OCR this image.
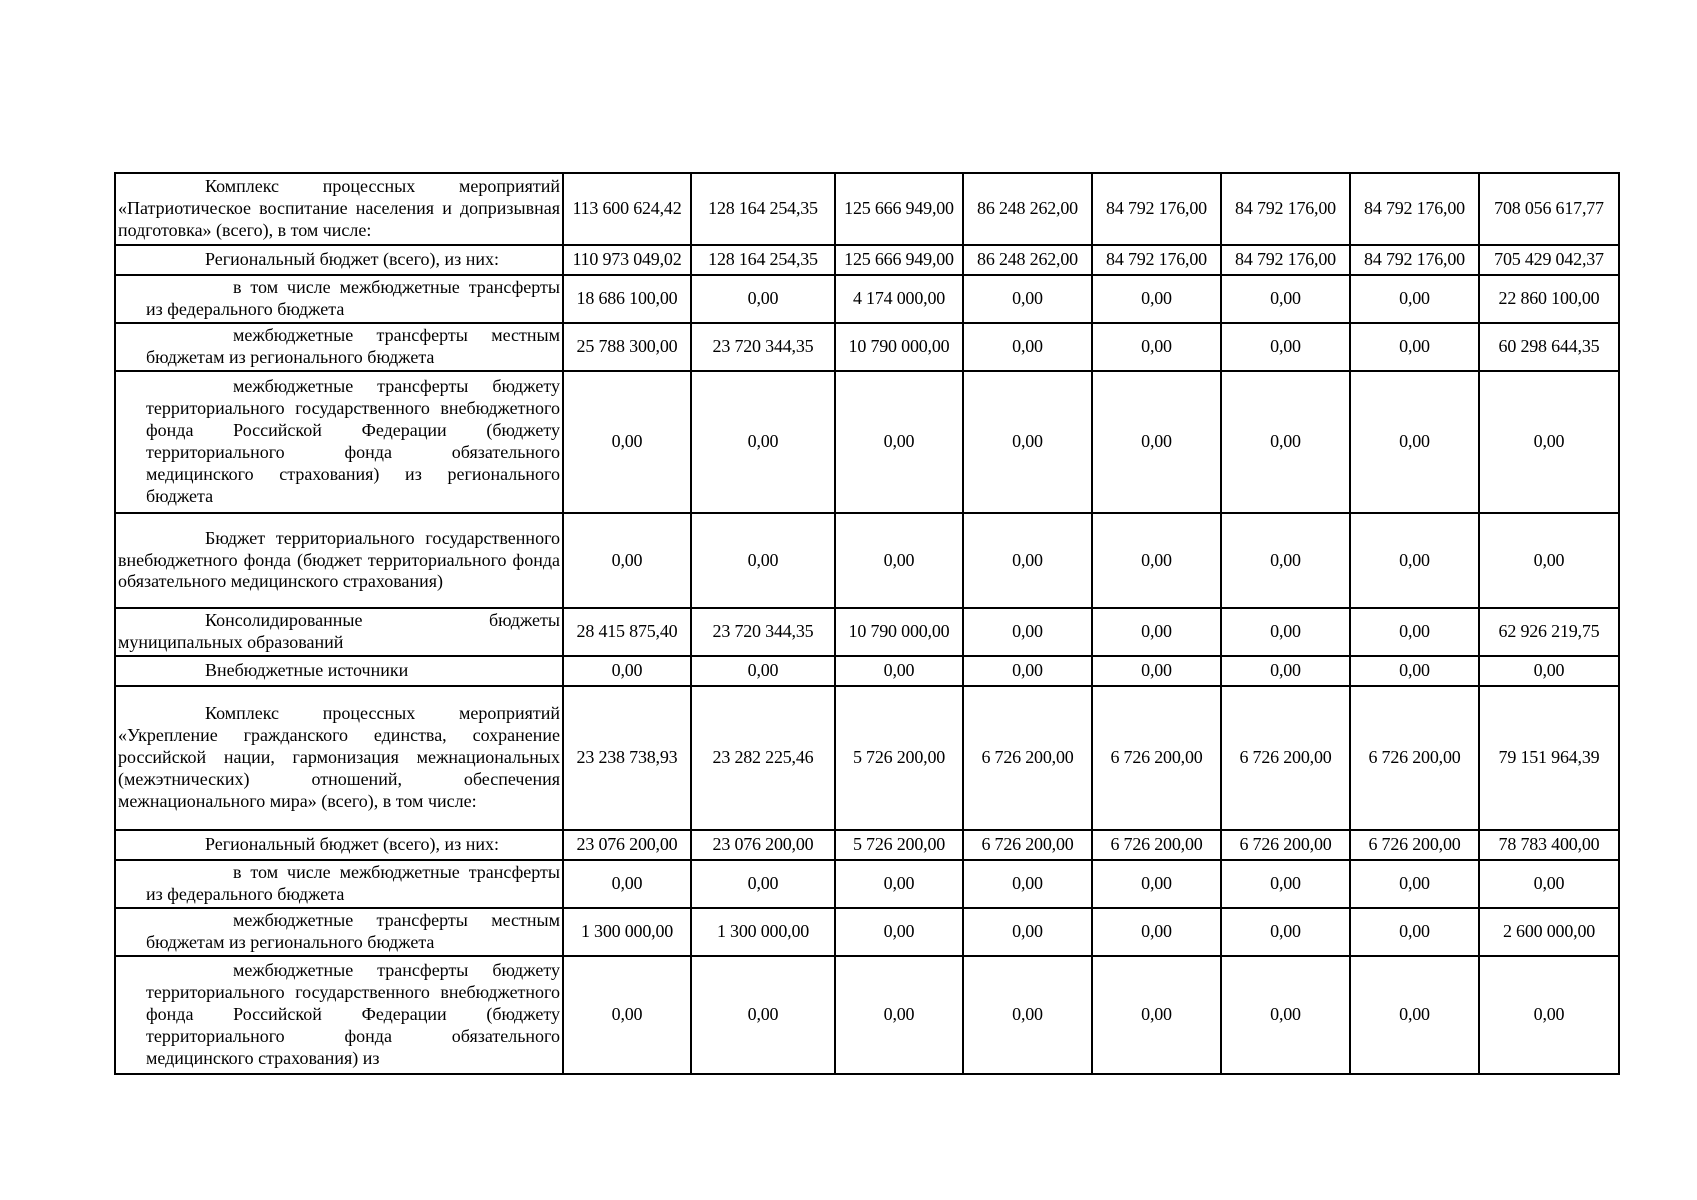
Комплекс процессных мероприятий «Патриотическое воспитание населения и допризывная подготовка» (всего), в том числе:	113 600 624,42	128 164 254,35	125 666 949,00	86 248 262,00	84 792 176,00	84 792 176,00	84 792 176,00	708 056 617,77
Региональный бюджет (всего), из них:	110 973 049,02	128 164 254,35	125 666 949,00	86 248 262,00	84 792 176,00	84 792 176,00	84 792 176,00	705 429 042,37
в том числе межбюджетные трансферты из федерального бюджета	18 686 100,00	0,00	4 174 000,00	0,00	0,00	0,00	0,00	22 860 100,00
межбюджетные трансферты местным бюджетам из регионального бюджета	25 788 300,00	23 720 344,35	10 790 000,00	0,00	0,00	0,00	0,00	60 298 644,35
межбюджетные трансферты бюджету территориального государственного внебюджетного фонда Российской Федерации (бюджету территориального фонда обязательного медицинского страхования) из регионального бюджета	0,00	0,00	0,00	0,00	0,00	0,00	0,00	0,00
Бюджет территориального государственного внебюджетного фонда (бюджет территориального фонда обязательного медицинского страхования)	0,00	0,00	0,00	0,00	0,00	0,00	0,00	0,00
Консолидированные бюджеты муниципальных образований	28 415 875,40	23 720 344,35	10 790 000,00	0,00	0,00	0,00	0,00	62 926 219,75
Внебюджетные источники	0,00	0,00	0,00	0,00	0,00	0,00	0,00	0,00
Комплекс процессных мероприятий «Укрепление гражданского единства, сохранение российской нации, гармонизация межнациональных (межэтнических) отношений, обеспечения межнационального мира» (всего), в том числе:	23 238 738,93	23 282 225,46	5 726 200,00	6 726 200,00	6 726 200,00	6 726 200,00	6 726 200,00	79 151 964,39
Региональный бюджет (всего), из них:	23 076 200,00	23 076 200,00	5 726 200,00	6 726 200,00	6 726 200,00	6 726 200,00	6 726 200,00	78 783 400,00
в том числе межбюджетные трансферты из федерального бюджета	0,00	0,00	0,00	0,00	0,00	0,00	0,00	0,00
межбюджетные трансферты местным бюджетам из регионального бюджета	1 300 000,00	1 300 000,00	0,00	0,00	0,00	0,00	0,00	2 600 000,00
межбюджетные трансферты бюджету территориального государственного внебюджетного фонда Российской Федерации (бюджету территориального фонда обязательного медицинского страхования) из	0,00	0,00	0,00	0,00	0,00	0,00	0,00	0,00
